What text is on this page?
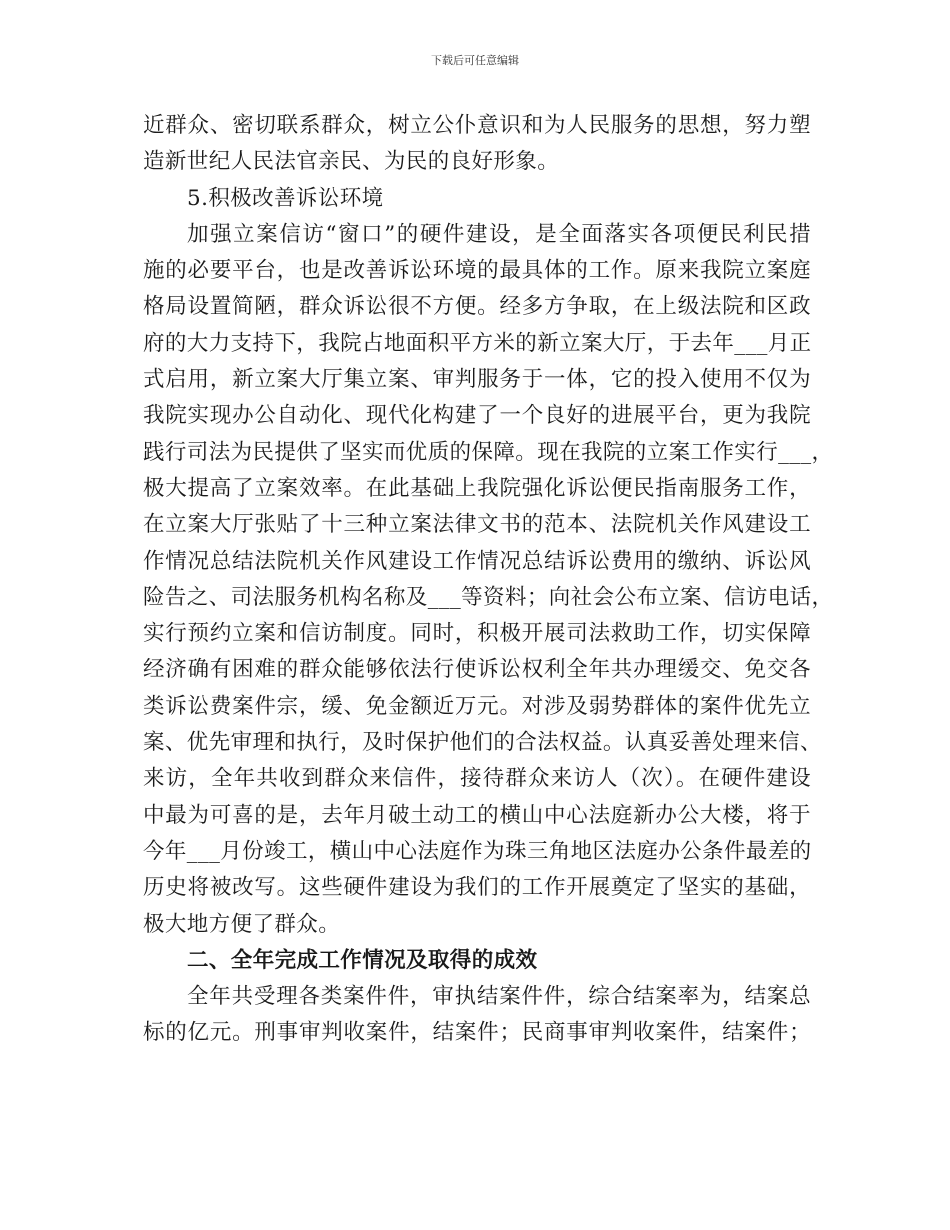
下载后可任意编辑
近群众、密切联系群众，树立公仆意识和为人民服务的思想，努力塑
造新世纪人民法官亲民、为民的良好形象。
5.积极改善诉讼环境
加强立案信访“窗口”的硬件建设，是全面落实各项便民利民措
施的必要平台，也是改善诉讼环境的最具体的工作。原来我院立案庭
格局设置简陋，群众诉讼很不方便。经多方争取，在上级法院和区政
府的大力支持下，我院占地面积平方米的新立案大厅，于去年___月正
式启用，新立案大厅集立案、审判服务于一体，它的投入使用不仅为
我院实现办公自动化、现代化构建了一个良好的进展平台，更为我院
践行司法为民提供了坚实而优质的保障。现在我院的立案工作实行___，
极大提高了立案效率。在此基础上我院强化诉讼便民指南服务工作，
在立案大厅张贴了十三种立案法律文书的范本、法院机关作风建设工
作情况总结法院机关作风建设工作情况总结诉讼费用的缴纳、诉讼风
险告之、司法服务机构名称及___等资料；向社会公布立案、信访电话，
实行预约立案和信访制度。同时，积极开展司法救助工作，切实保障
经济确有困难的群众能够依法行使诉讼权利全年共办理缓交、免交各
类诉讼费案件宗，缓、免金额近万元。对涉及弱势群体的案件优先立
案、优先审理和执行，及时保护他们的合法权益。认真妥善处理来信、
来访，全年共收到群众来信件，接待群众来访人（次）。在硬件建设
中最为可喜的是，去年月破土动工的横山中心法庭新办公大楼，将于
今年___月份竣工，横山中心法庭作为珠三角地区法庭办公条件最差的
历史将被改写。这些硬件建设为我们的工作开展奠定了坚实的基础，
极大地方便了群众。
二、全年完成工作情况及取得的成效
全年共受理各类案件件，审执结案件件，综合结案率为，结案总
标的亿元。刑事审判收案件，结案件；民商事审判收案件，结案件；
